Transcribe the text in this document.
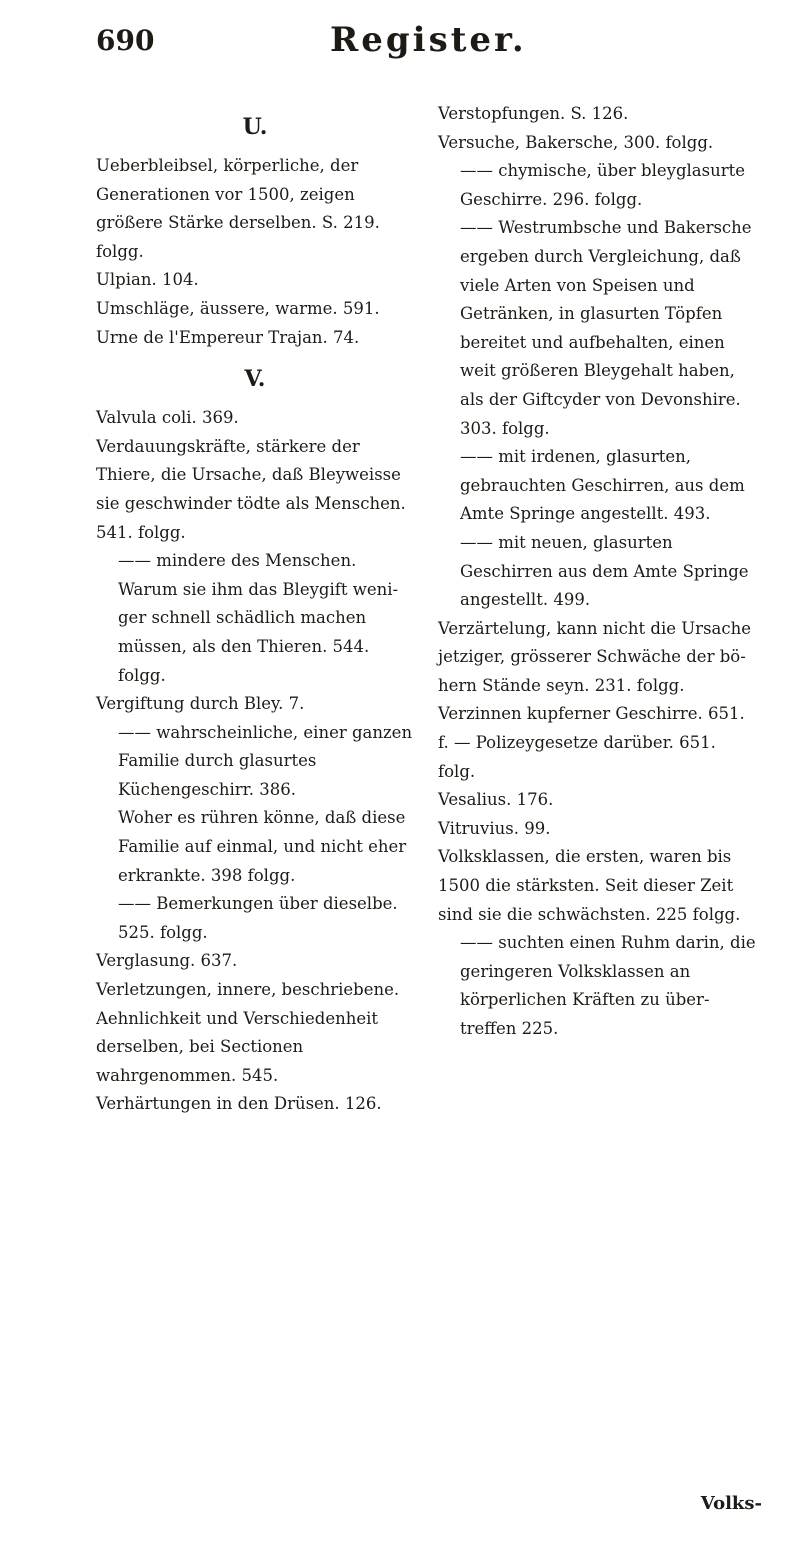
690	Register.

U.

Ueberbleibsel, körperliche, der Generationen vor 1500, zeigen größere Stärke derselben. S. 219. folgg.

Ulpian. 104.

Umschläge, äussere, warme. 591.

Urne de l'Empereur Trajan. 74.

V.

Valvula coli. 369.

Verdauungskräfte, stärkere der Thiere, die Ursache, daß Bleyweisse sie geschwinder tödte als Menschen. 541. folgg.

—— mindere des Menschen. Warum sie ihm das Bleygift weniger schnell schädlich machen müssen, als den Thieren. 544. folgg.

Vergiftung durch Bley. 7.

—— wahrscheinliche, einer ganzen Familie durch glasurtes Küchengeschirr. 386.

Woher es rühren könne, daß diese Familie auf einmal, und nicht eher erkrankte. 398 folgg.

—— Bemerkungen über dieselbe. 525. folgg.

Verglasung. 637.

Verletzungen, innere, beschriebene. Aehnlichkeit und Verschiedenheit derselben, bei Sectionen wahrgenommen. 545.

Verhärtungen in den Drüsen. 126.

Verstopfungen. S. 126.

Versuche, Bakersche, 300. folgg.

—— chymische, über bleyglasurte Geschirre. 296. folgg.

—— Westrumbsche und Bakersche ergeben durch Vergleichung, daß viele Arten von Speisen und Getränken, in glasurten Töpfen bereitet und aufbehalten, einen weit größeren Bleygehalt haben, als der Giftcyder von Devonshire. 303. folgg.

—— mit irdenen, glasurten, gebrauchten Geschirren, aus dem Amte Springe angestellt. 493.

—— mit neuen, glasurten Geschirren aus dem Amte Springe angestellt. 499.

Verzärtelung, kann nicht die Ursache jetziger, grösserer Schwäche der böhern Stände seyn. 231. folgg.

Verzinnen kupferner Geschirre. 651. f. — Polizeygesetze darüber. 651. folg.

Vesalius. 176.

Vitruvius. 99.

Volksklassen, die ersten, waren bis 1500 die stärksten. Seit dieser Zeit sind sie die schwächsten. 225 folgg.

—— suchten einen Ruhm darin, die geringeren Volksklassen an körperlichen Kräften zu übertreffen 225.

Volks-
